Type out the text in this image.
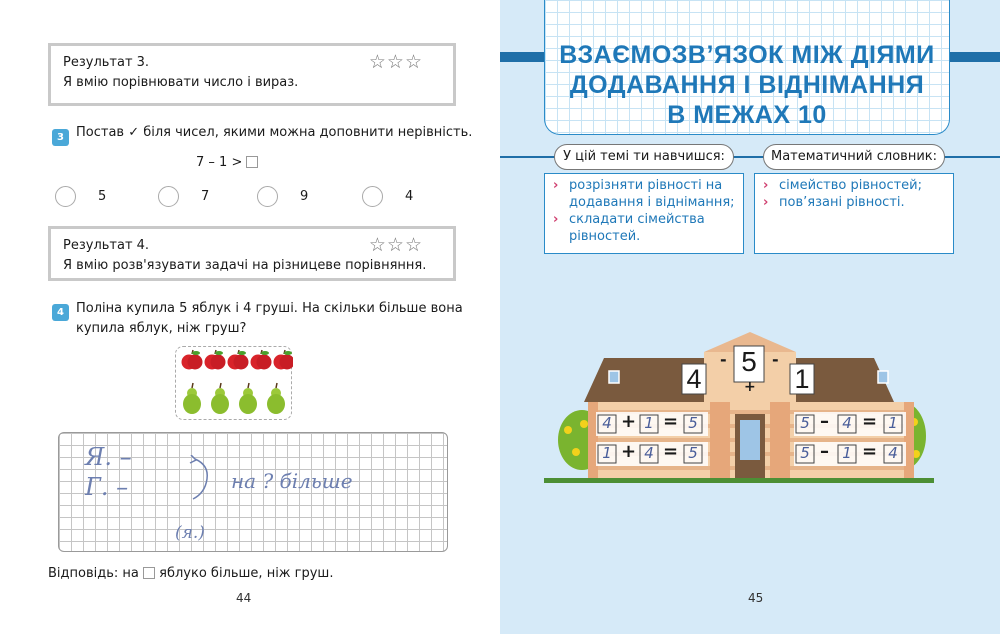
Результат 3.
Я вмію порівнювати число і вираз.
☆☆☆
3 Постав ✓ біля чисел, якими можна доповнити нерівність.
7 – 1 >
5	7	9	4
Результат 4.
Я вмію розв'язувати задачі на різницеве порівняння.
☆☆☆
4 Поліна купила 5 яблук і 4 груші. На скільки більше вона
купила яблук, ніж груш?
Я. –
Г. –	на ? більше
(я.)
Відповідь: на яблуко більше, ніж груш.
44
ВЗАЄМОЗВ’ЯЗОК МІЖ ДІЯМИ
ДОДАВАННЯ І ВІДНІМАННЯ
В МЕЖАХ 10
У цій темі ти навчишся:	Математичний словник:
› розрізняти рівності на
додавання і віднімання;
› складати сімейства
рівностей.
› сімейство рівностей;
› пов’язані рівності.
4	1
5
-	-
+
4 + 1 = 5
1 + 4 = 5
5 – 4 = 1
5 – 1 = 4
45
